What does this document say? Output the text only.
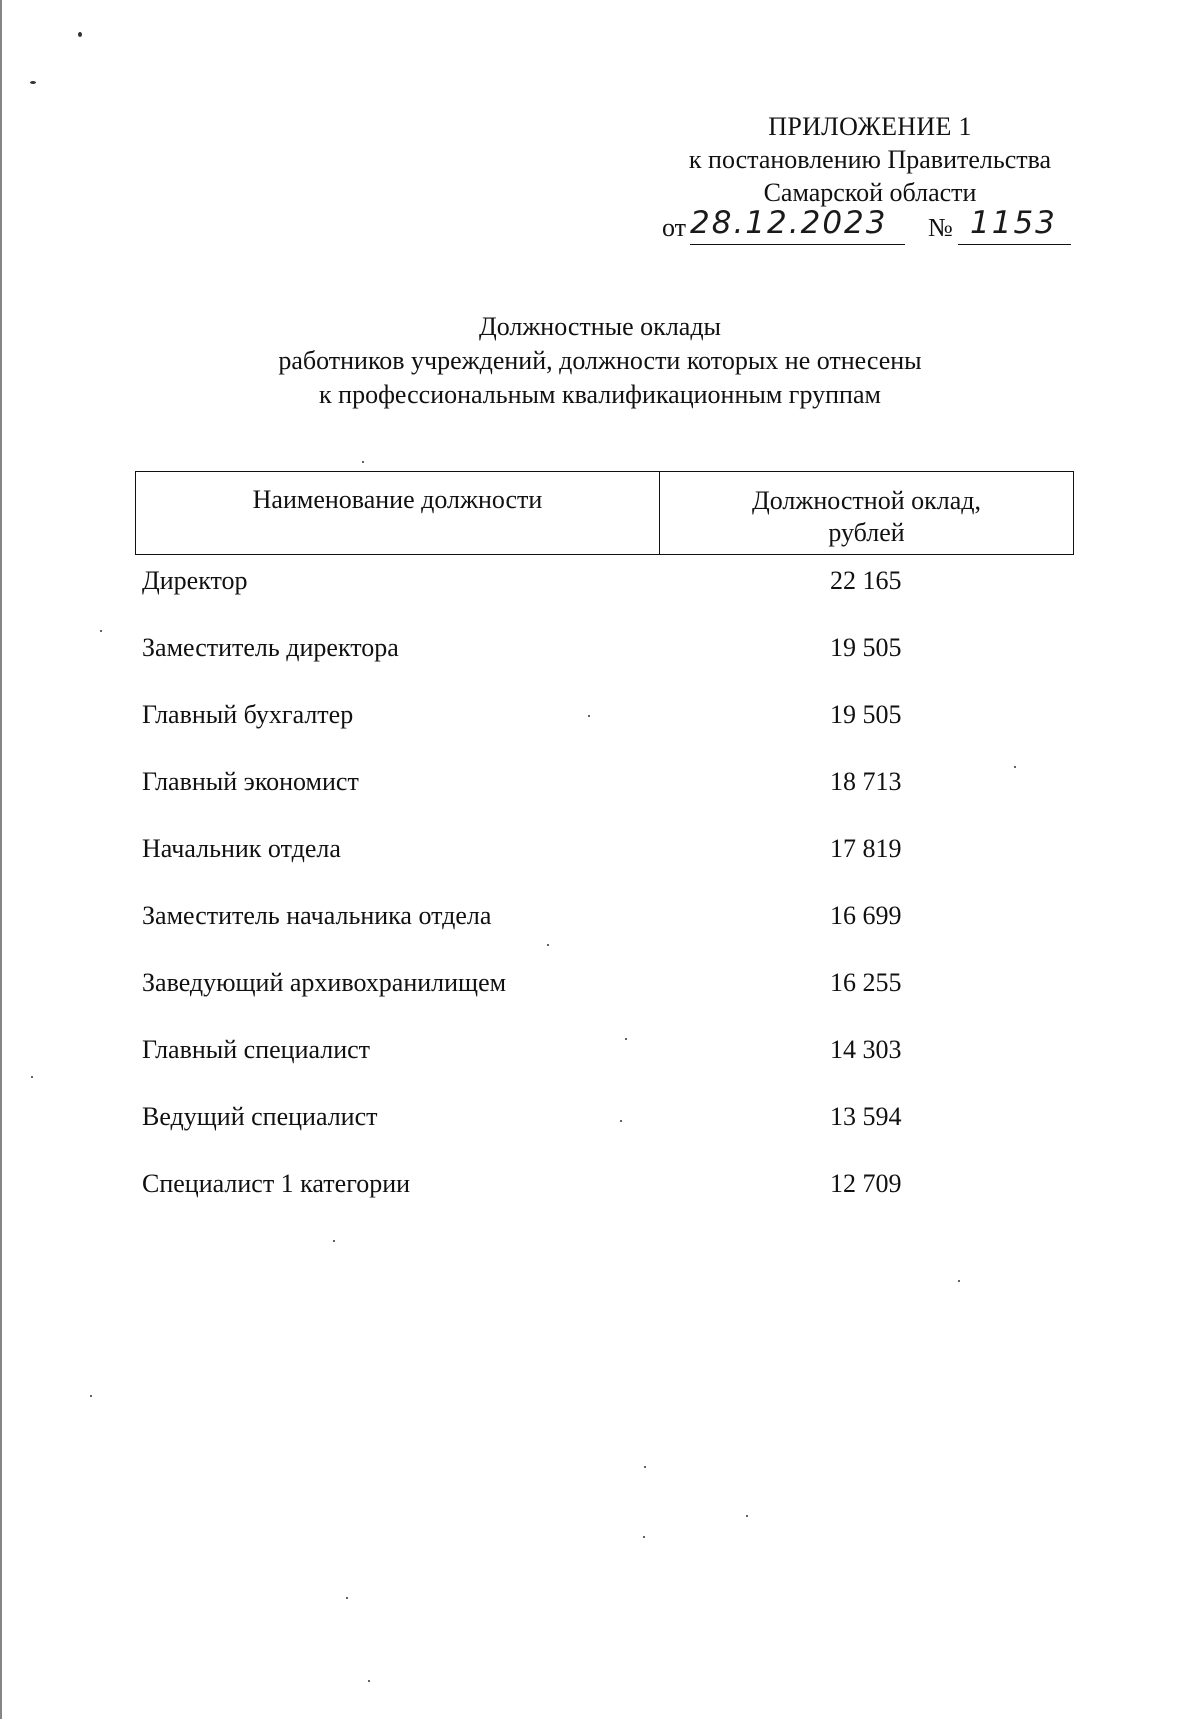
ПРИЛОЖЕНИЕ 1
к постановлению Правительства
Самарской области
от 28.12.2023 № 1153
Должностные оклады
работников учреждений, должности которых не отнесены
к профессиональным квалификационным группам
Наименование должности	Должностной оклад,
рублей
Директор	22 165
Заместитель директора	19 505
Главный бухгалтер	19 505
Главный экономист	18 713
Начальник отдела	17 819
Заместитель начальника отдела	16 699
Заведующий архивохранилищем	16 255
Главный специалист	14 303
Ведущий специалист	13 594
Специалист 1 категории	12 709
